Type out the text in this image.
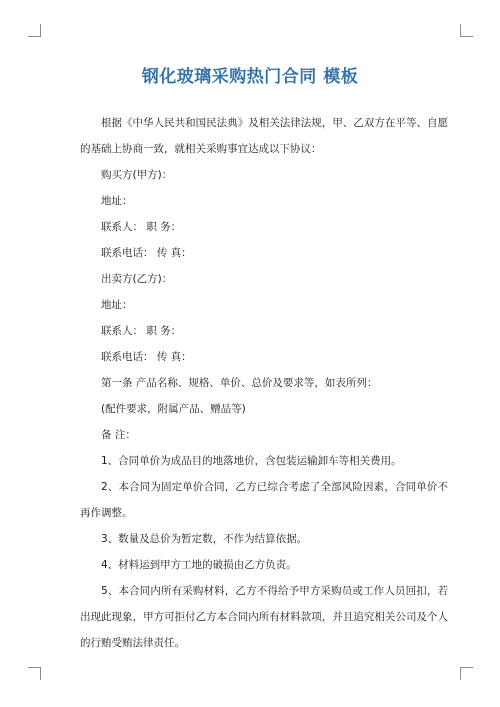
钢化玻璃采购热门合同 模板

根据《中华人民共和国民法典》及相关法律法规，甲、乙双方在平等、自愿的基础上协商一致，就相关采购事宜达成以下协议：

购买方(甲方)：

地址：

联系人： 职 务：

联系电话： 传 真：

出卖方(乙方)：

地址：

联系人： 职 务：

联系电话： 传 真：

第一条 产品名称、规格、单价、总价及要求等，如表所列：

(配件要求，附属产品、赠品等)

备 注：

1、合同单价为成品目的地落地价，含包装运输卸车等相关费用。

2、本合同为固定单价合同，乙方已综合考虑了全部风险因素，合同单价不再作调整。

3、数量及总价为暂定数，不作为结算依据。

4、材料运到甲方工地的破损由乙方负责。

5、本合同内所有采购材料，乙方不得给予甲方采购员或工作人员回扣，若出现此现象，甲方可拒付乙方本合同内所有材料款项，并且追究相关公司及个人的行贿受贿法律责任。
